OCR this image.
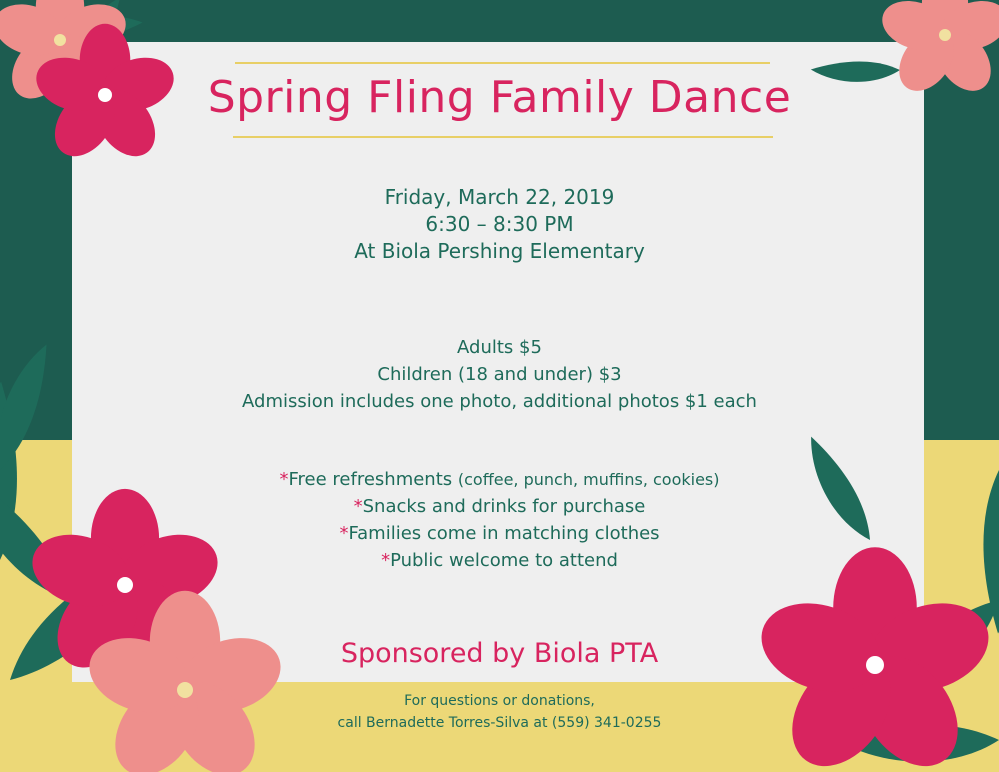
Spring Fling Family Dance
Friday, March 22, 2019
6:30 – 8:30 PM
At Biola Pershing Elementary
Adults $5
Children (18 and under) $3
Admission includes one photo, additional photos $1 each
*Free refreshments (coffee, punch, muffins, cookies)
*Snacks and drinks for purchase
*Families come in matching clothes
*Public welcome to attend
Sponsored by Biola PTA
For questions or donations,
call Bernadette Torres-Silva at (559) 341-0255
